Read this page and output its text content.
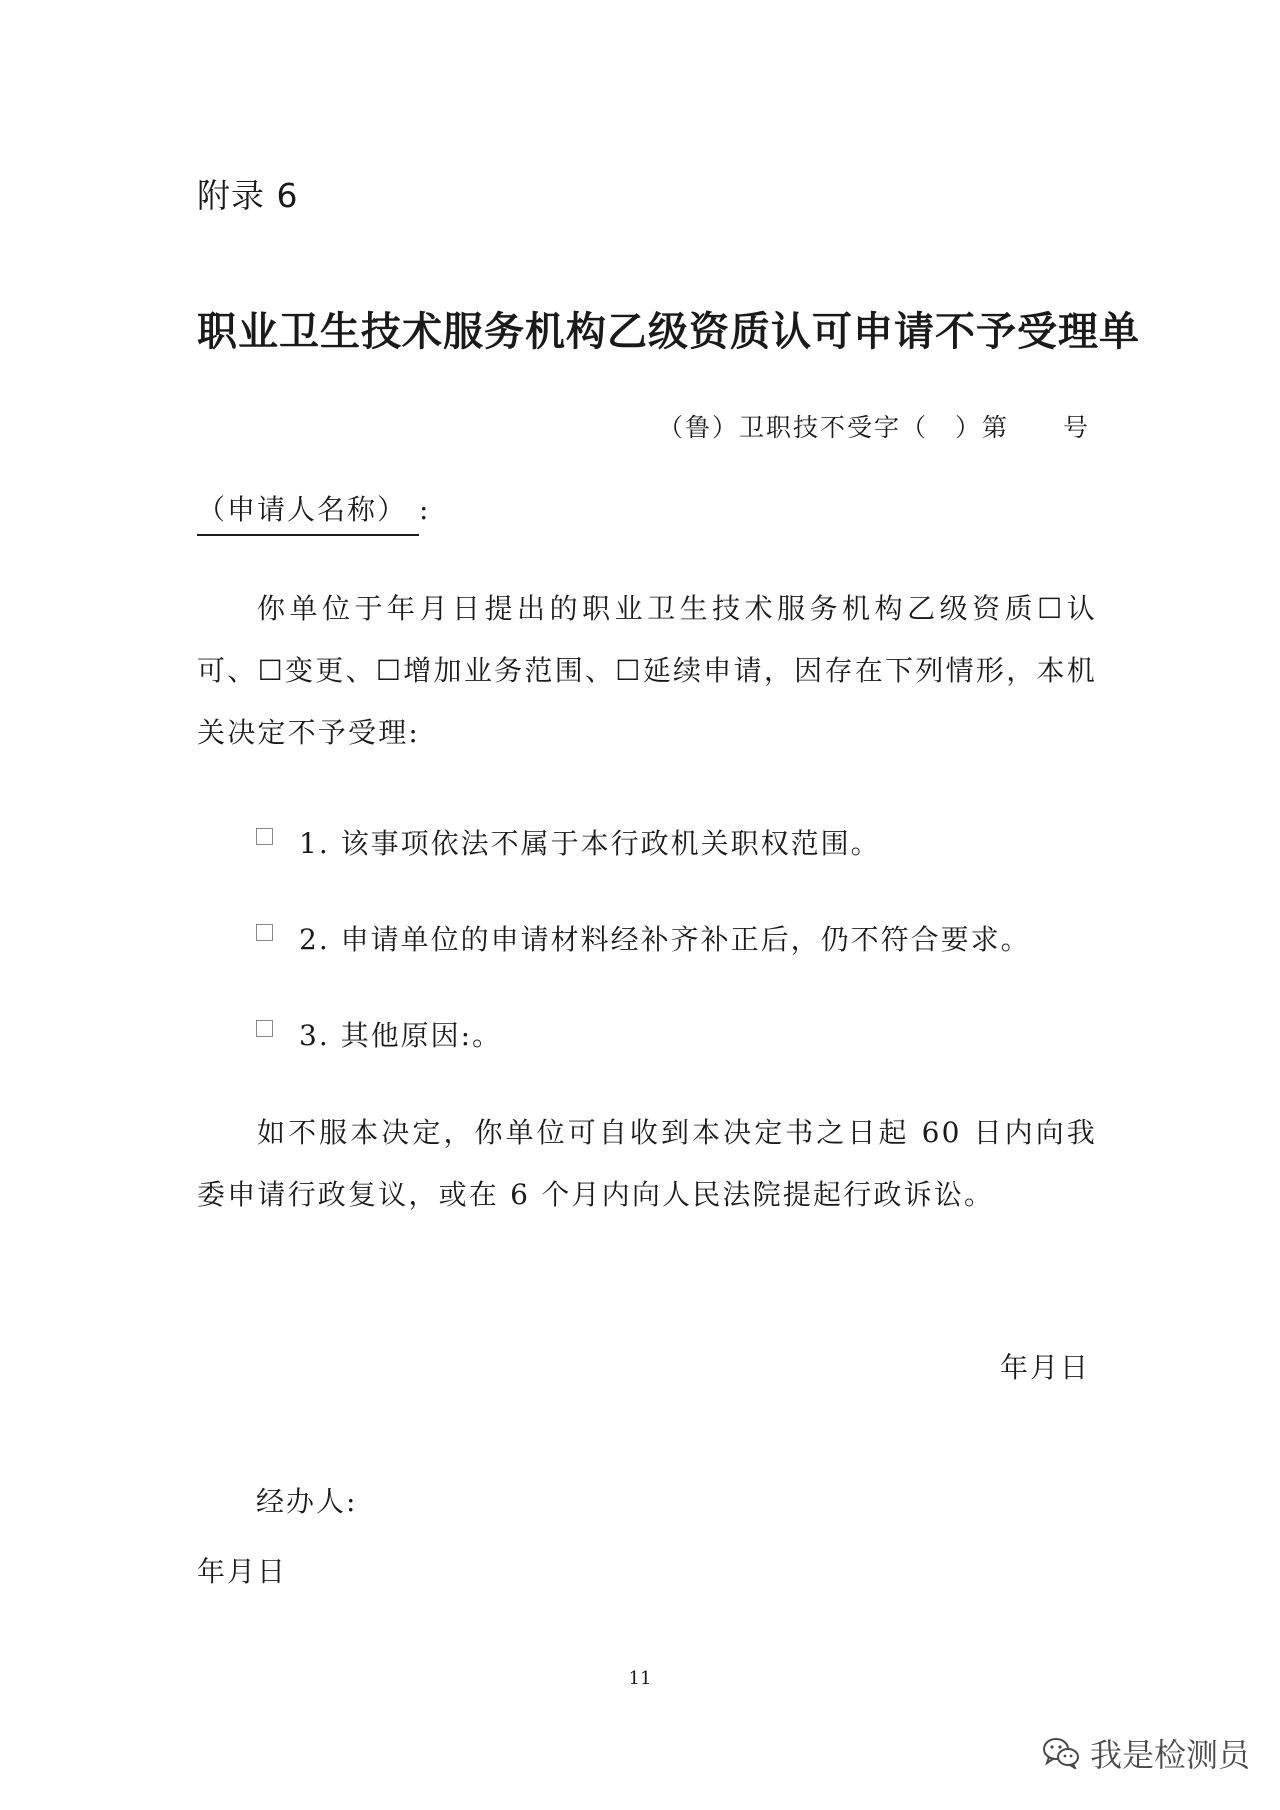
附录 6
职业卫生技术服务机构乙级资质认可申请不予受理单
（鲁）卫职技不受字（　）第　　号
（申请人名称） :
你单位于年月日提出的职业卫生技术服务机构乙级资质☐认可、☐变更、☐增加业务范围、☐延续申请，因存在下列情形，本机关决定不予受理:
1. 该事项依法不属于本行政机关职权范围。
2. 申请单位的申请材料经补齐补正后，仍不符合要求。
3. 其他原因:。
如不服本决定，你单位可自收到本决定书之日起 60 日内向我委申请行政复议，或在 6 个月内向人民法院提起行政诉讼。
年月日
经办人:
年月日
11
我是检测员
